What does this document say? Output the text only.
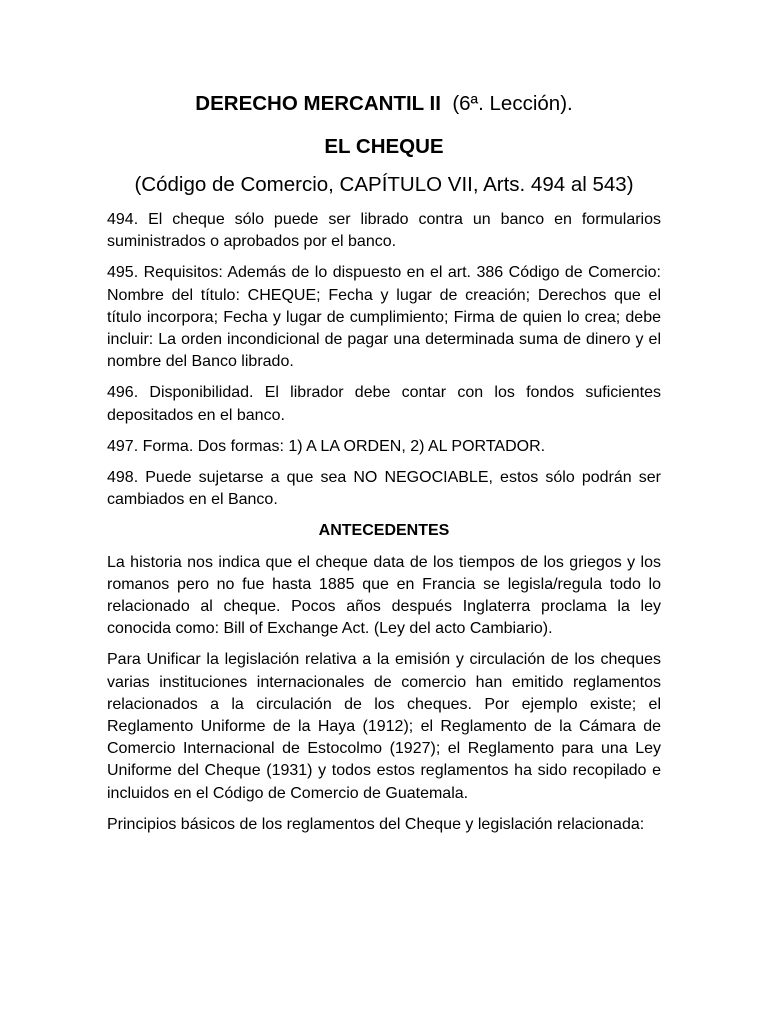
DERECHO MERCANTIL II (6ª. Lección).
EL CHEQUE
(Código de Comercio, CAPÍTULO VII, Arts. 494 al 543)

494. El cheque sólo puede ser librado contra un banco en formularios suministrados o aprobados por el banco.

495. Requisitos: Además de lo dispuesto en el art. 386 Código de Comercio: Nombre del título: CHEQUE; Fecha y lugar de creación; Derechos que el título incorpora; Fecha y lugar de cumplimiento; Firma de quien lo crea; debe incluir: La orden incondicional de pagar una determinada suma de dinero y el nombre del Banco librado.

496. Disponibilidad. El librador debe contar con los fondos suficientes depositados en el banco.

497. Forma. Dos formas: 1) A LA ORDEN, 2) AL PORTADOR.

498. Puede sujetarse a que sea NO NEGOCIABLE, estos sólo podrán ser cambiados en el Banco.

ANTECEDENTES

La historia nos indica que el cheque data de los tiempos de los griegos y los romanos pero no fue hasta 1885 que en Francia se legisla/regula todo lo relacionado al cheque. Pocos años después Inglaterra proclama la ley conocida como: Bill of Exchange Act. (Ley del acto Cambiario).

Para Unificar la legislación relativa a la emisión y circulación de los cheques varias instituciones internacionales de comercio han emitido reglamentos relacionados a la circulación de los cheques. Por ejemplo existe; el Reglamento Uniforme de la Haya (1912); el Reglamento de la Cámara de Comercio Internacional de Estocolmo (1927); el Reglamento para una Ley Uniforme del Cheque (1931) y todos estos reglamentos ha sido recopilado e incluidos en el Código de Comercio de Guatemala.

Principios básicos de los reglamentos del Cheque y legislación relacionada:
